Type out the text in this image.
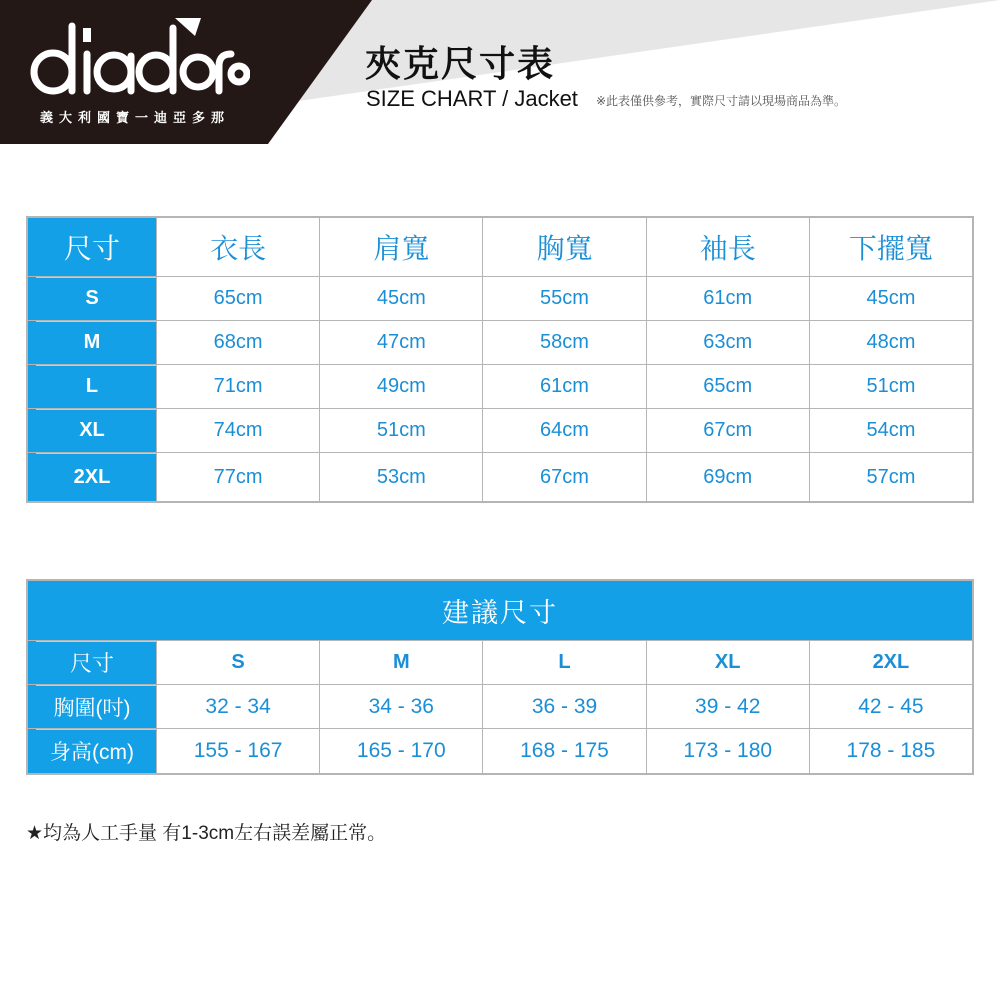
義大利國寶一迪亞多那
夾克尺寸表
SIZE CHART / Jacket ※此表僅供參考，實際尺寸請以現場商品為準。
尺寸	衣長	肩寬	胸寬	袖長	下擺寬
S	65cm	45cm	55cm	61cm	45cm
M	68cm	47cm	58cm	63cm	48cm
L	71cm	49cm	61cm	65cm	51cm
XL	74cm	51cm	64cm	67cm	54cm
2XL	77cm	53cm	67cm	69cm	57cm
建議尺寸
尺寸	S	M	L	XL	2XL
胸圍(吋)	32 - 34	34 - 36	36 - 39	39 - 42	42 - 45
身高(cm)	155 - 167	165 - 170	168 - 175	173 - 180	178 - 185
★均為人工手量 有1-3cm左右誤差屬正常。
